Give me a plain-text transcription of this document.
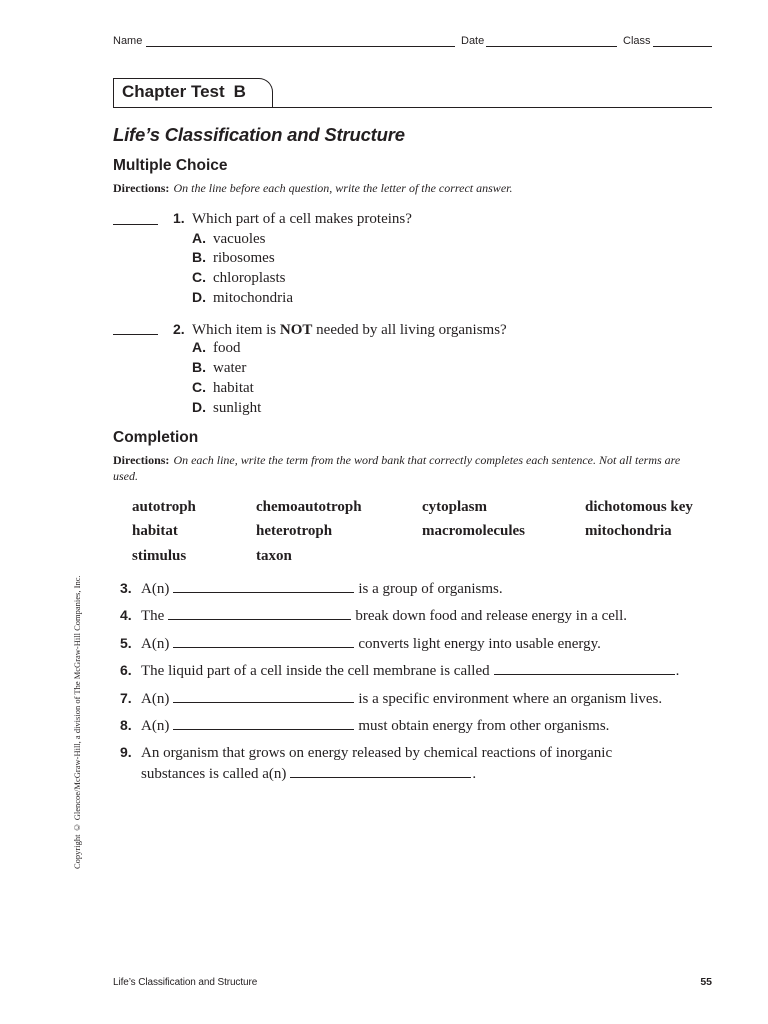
Name	Date	Class
Chapter Test B
Life’s Classification and Structure
Multiple Choice
Directions: On the line before each question, write the letter of the correct answer.
1. Which part of a cell makes proteins?
A. vacuoles
B. ribosomes
C. chloroplasts
D. mitochondria
2. Which item is NOT needed by all living organisms?
A. food
B. water
C. habitat
D. sunlight
Completion
Directions: On each line, write the term from the word bank that correctly completes each sentence. Not all terms are used.
autotroph	chemoautotroph	cytoplasm	dichotomous key
habitat	heterotroph	macromolecules	mitochondria
stimulus	taxon
3. A(n)	is a group of organisms.
4. The	break down food and release energy in a cell.
5. A(n)	converts light energy into usable energy.
6. The liquid part of a cell inside the cell membrane is called	.
7. A(n)	is a specific environment where an organism lives.
8. A(n)	must obtain energy from other organisms.
9. An organism that grows on energy released by chemical reactions of inorganic
substances is called a(n)	.
Copyright © Glencoe/McGraw-Hill, a division of The McGraw-Hill Companies, Inc.
Life’s Classification and Structure	55
